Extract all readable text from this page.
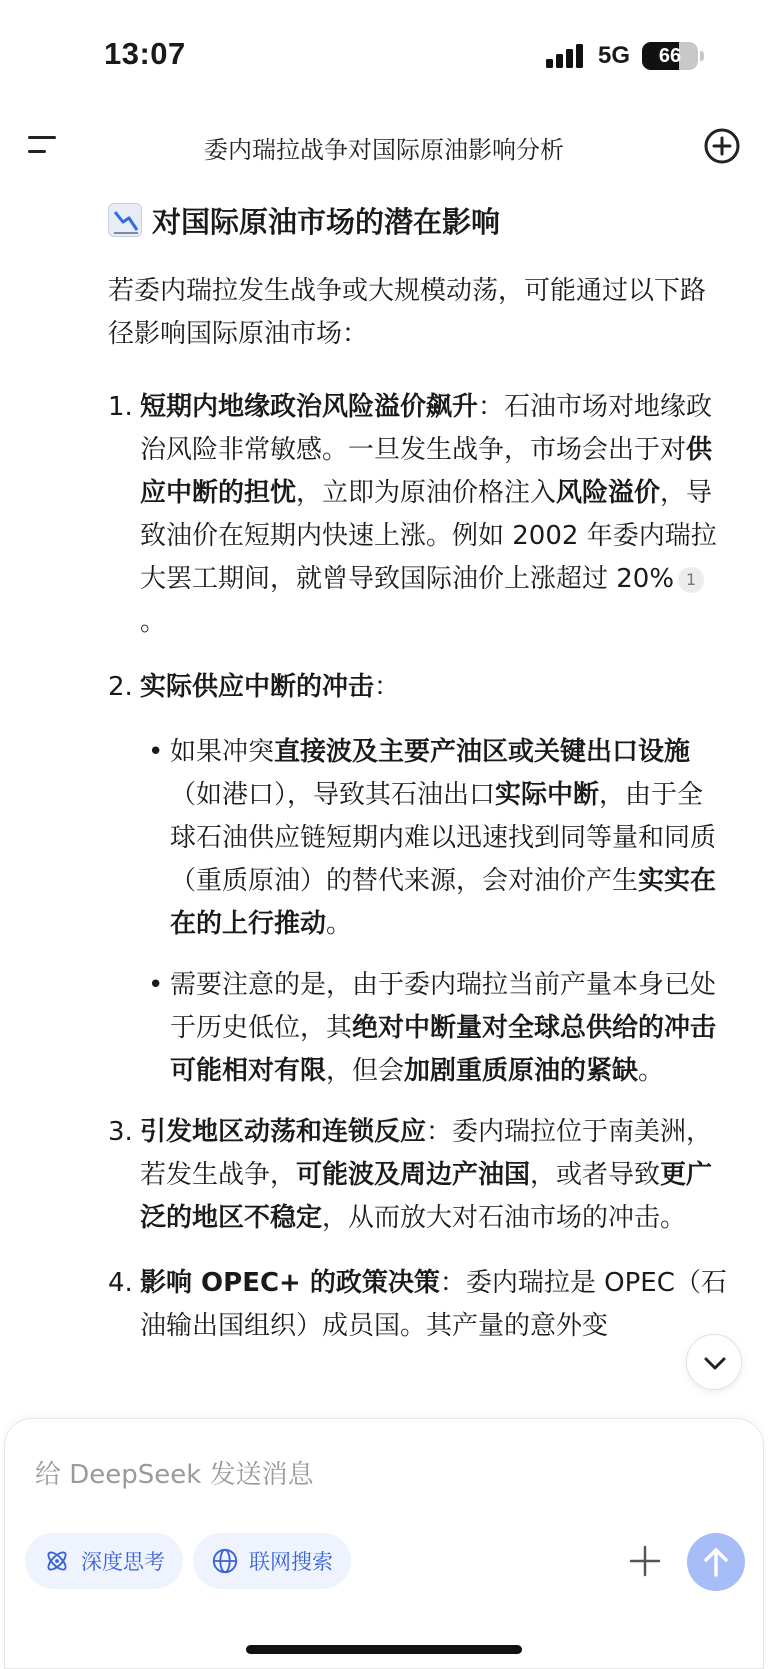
13:07	5G	66
委内瑞拉战争对国际原油影响分析
对国际原油市场的潜在影响

若委内瑞拉发生战争或大规模动荡，可能通过以下路径影响国际原油市场：

1. 短期内地缘政治风险溢价飙升：石油市场对地缘政治风险非常敏感。一旦发生战争，市场会出于对供应中断的担忧，立即为原油价格注入风险溢价，导致油价在短期内快速上涨。例如 2002 年委内瑞拉大罢工期间，就曾导致国际油价上涨超过 20% 1。
2. 实际供应中断的冲击：
• 如果冲突直接波及主要产油区或关键出口设施（如港口），导致其石油出口实际中断，由于全球石油供应链短期内难以迅速找到同等量和同质（重质原油）的替代来源，会对油价产生实实在在的上行推动。
• 需要注意的是，由于委内瑞拉当前产量本身已处于历史低位，其绝对中断量对全球总供给的冲击可能相对有限，但会加剧重质原油的紧缺。
3. 引发地区动荡和连锁反应：委内瑞拉位于南美洲，若发生战争，可能波及周边产油国，或者导致更广泛的地区不稳定，从而放大对石油市场的冲击。
4. 影响 OPEC+ 的政策决策：委内瑞拉是 OPEC（石油输出国组织）成员国。其产量的意外变
给 DeepSeek 发送消息
深度思考	联网搜索
